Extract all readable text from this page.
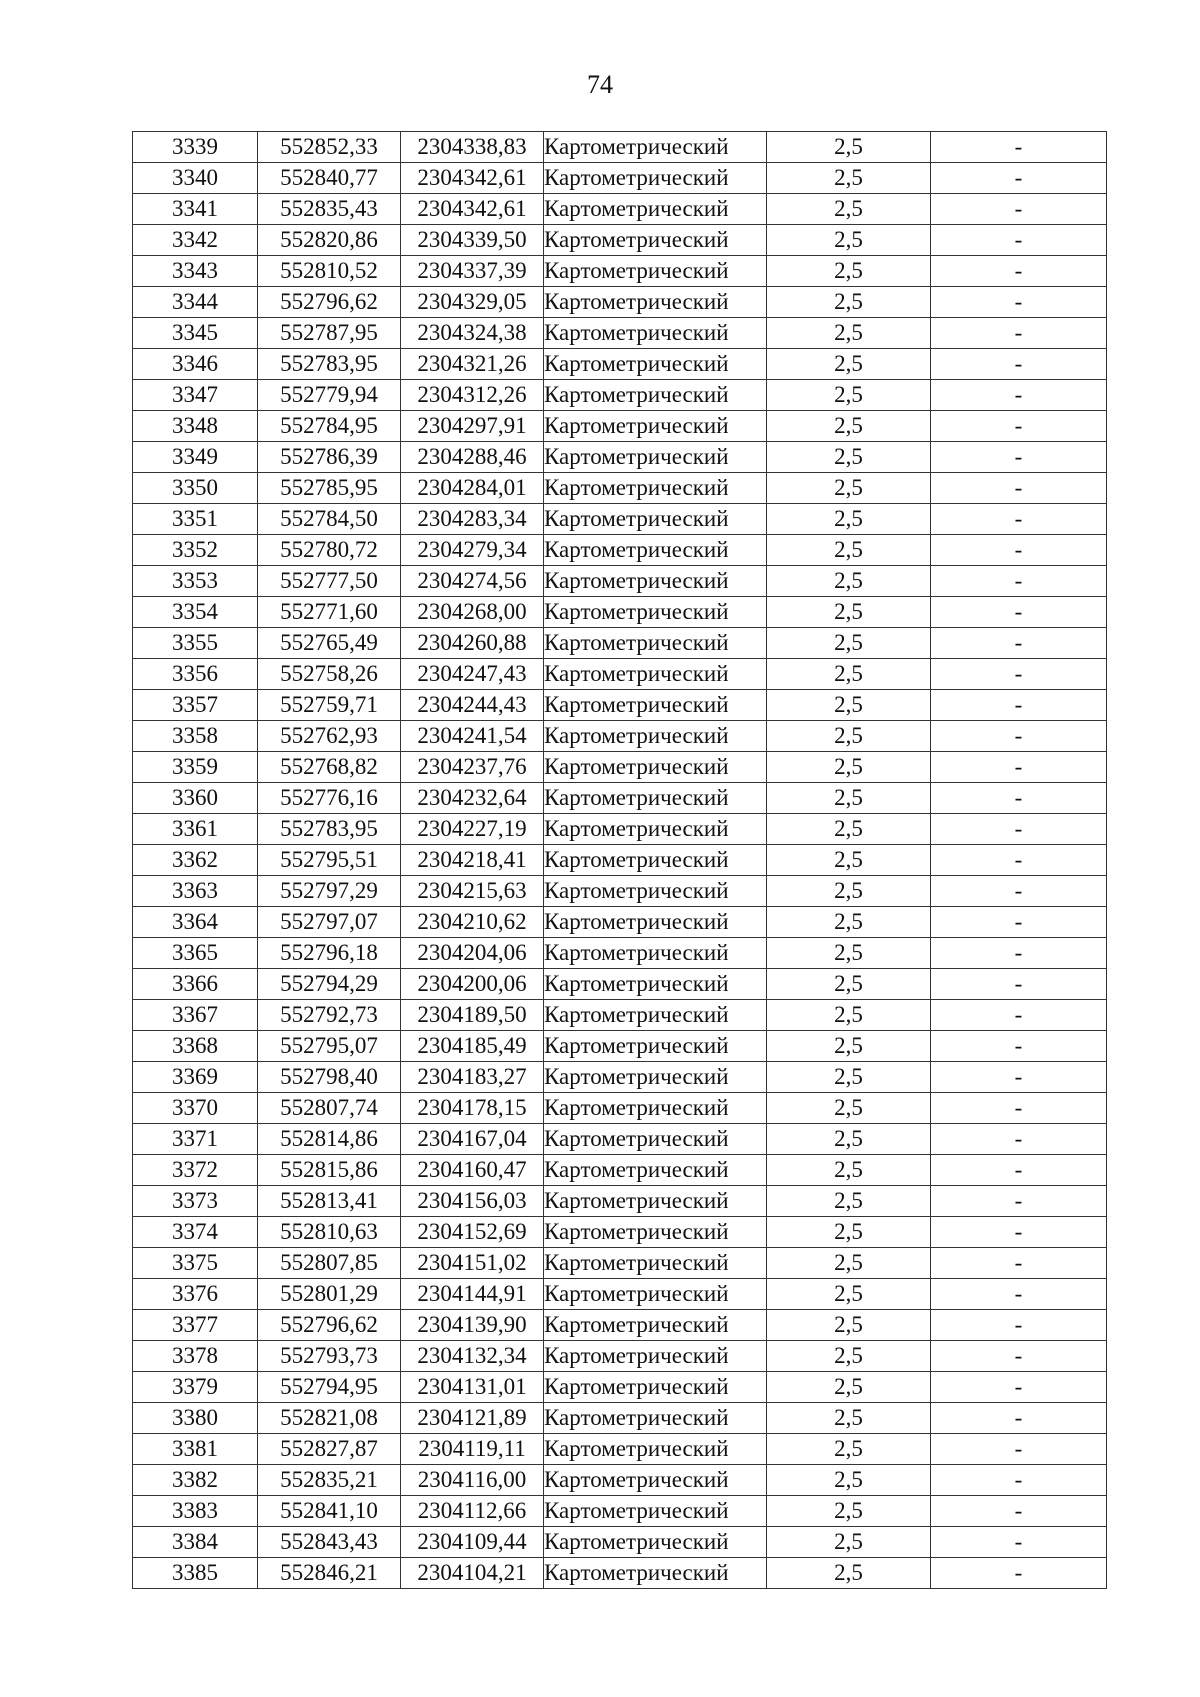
74
3339	552852,33	2304338,83	Картометрический	2,5	-
3340	552840,77	2304342,61	Картометрический	2,5	-
3341	552835,43	2304342,61	Картометрический	2,5	-
3342	552820,86	2304339,50	Картометрический	2,5	-
3343	552810,52	2304337,39	Картометрический	2,5	-
3344	552796,62	2304329,05	Картометрический	2,5	-
3345	552787,95	2304324,38	Картометрический	2,5	-
3346	552783,95	2304321,26	Картометрический	2,5	-
3347	552779,94	2304312,26	Картометрический	2,5	-
3348	552784,95	2304297,91	Картометрический	2,5	-
3349	552786,39	2304288,46	Картометрический	2,5	-
3350	552785,95	2304284,01	Картометрический	2,5	-
3351	552784,50	2304283,34	Картометрический	2,5	-
3352	552780,72	2304279,34	Картометрический	2,5	-
3353	552777,50	2304274,56	Картометрический	2,5	-
3354	552771,60	2304268,00	Картометрический	2,5	-
3355	552765,49	2304260,88	Картометрический	2,5	-
3356	552758,26	2304247,43	Картометрический	2,5	-
3357	552759,71	2304244,43	Картометрический	2,5	-
3358	552762,93	2304241,54	Картометрический	2,5	-
3359	552768,82	2304237,76	Картометрический	2,5	-
3360	552776,16	2304232,64	Картометрический	2,5	-
3361	552783,95	2304227,19	Картометрический	2,5	-
3362	552795,51	2304218,41	Картометрический	2,5	-
3363	552797,29	2304215,63	Картометрический	2,5	-
3364	552797,07	2304210,62	Картометрический	2,5	-
3365	552796,18	2304204,06	Картометрический	2,5	-
3366	552794,29	2304200,06	Картометрический	2,5	-
3367	552792,73	2304189,50	Картометрический	2,5	-
3368	552795,07	2304185,49	Картометрический	2,5	-
3369	552798,40	2304183,27	Картометрический	2,5	-
3370	552807,74	2304178,15	Картометрический	2,5	-
3371	552814,86	2304167,04	Картометрический	2,5	-
3372	552815,86	2304160,47	Картометрический	2,5	-
3373	552813,41	2304156,03	Картометрический	2,5	-
3374	552810,63	2304152,69	Картометрический	2,5	-
3375	552807,85	2304151,02	Картометрический	2,5	-
3376	552801,29	2304144,91	Картометрический	2,5	-
3377	552796,62	2304139,90	Картометрический	2,5	-
3378	552793,73	2304132,34	Картометрический	2,5	-
3379	552794,95	2304131,01	Картометрический	2,5	-
3380	552821,08	2304121,89	Картометрический	2,5	-
3381	552827,87	2304119,11	Картометрический	2,5	-
3382	552835,21	2304116,00	Картометрический	2,5	-
3383	552841,10	2304112,66	Картометрический	2,5	-
3384	552843,43	2304109,44	Картометрический	2,5	-
3385	552846,21	2304104,21	Картометрический	2,5	-
